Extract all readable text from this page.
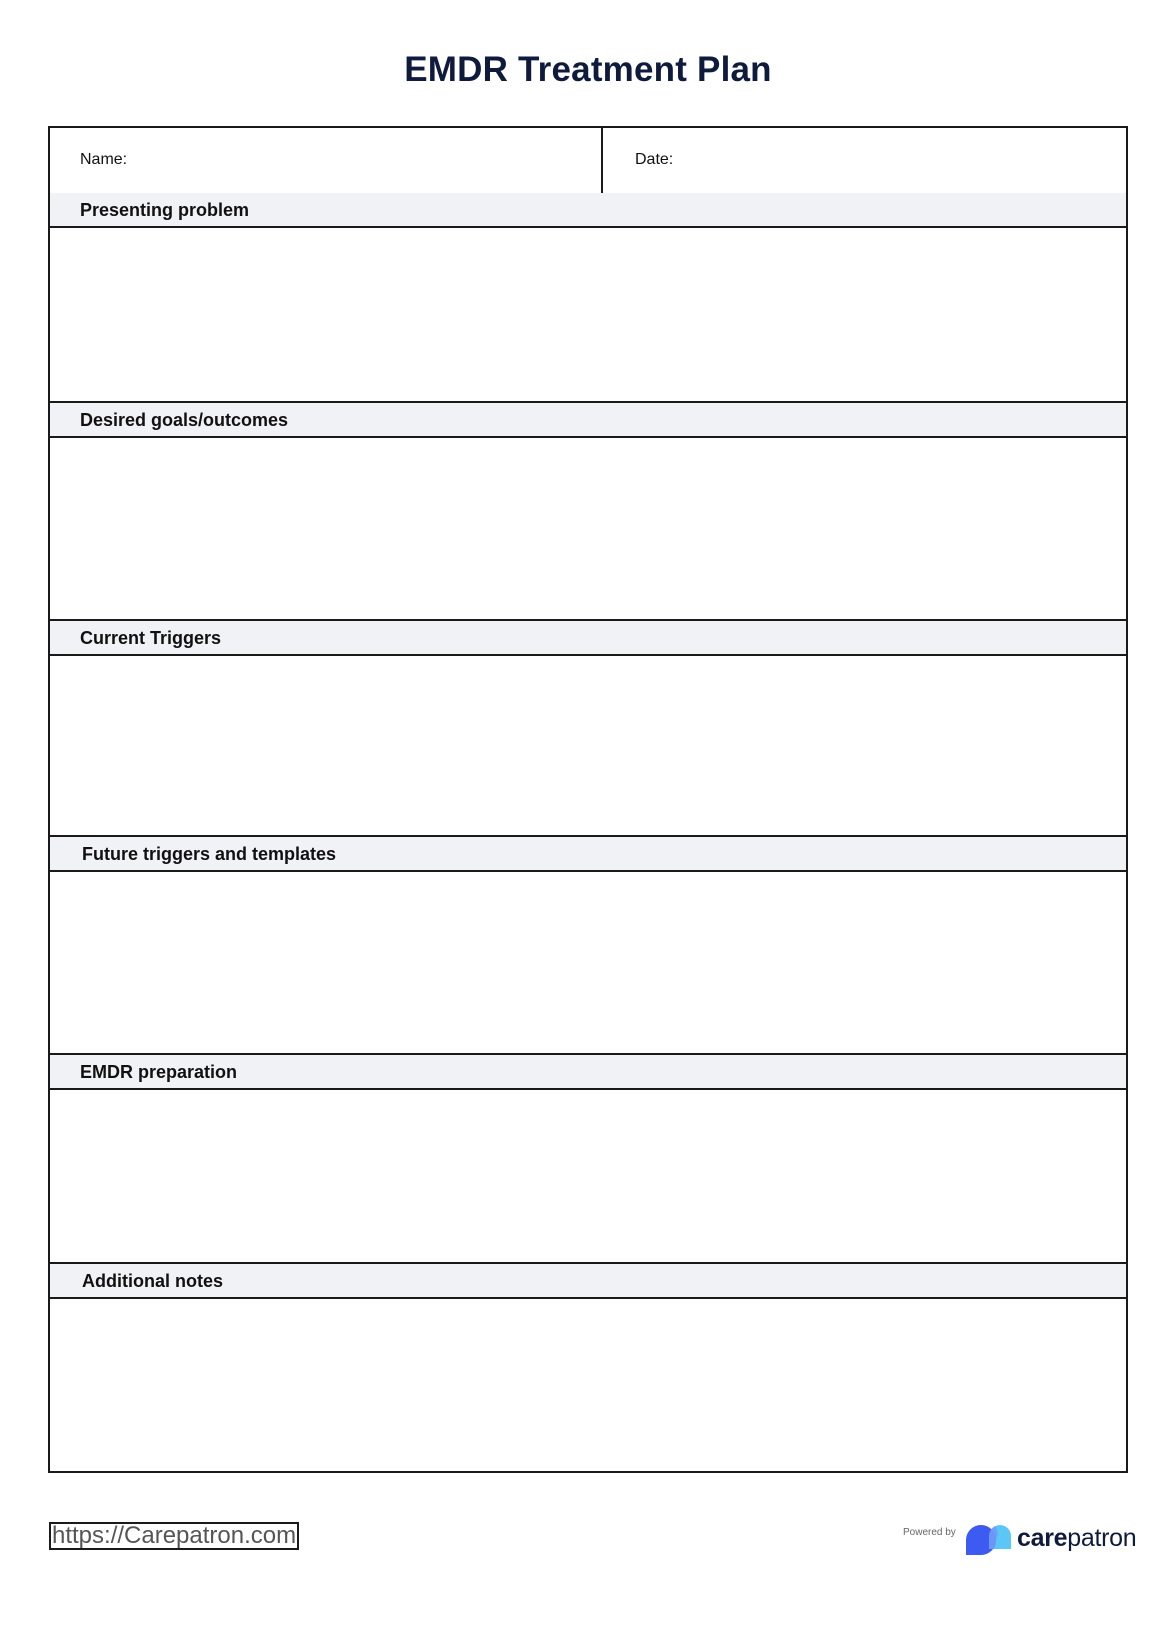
EMDR Treatment Plan
Name:	Date:
Presenting problem
Desired goals/outcomes
Current Triggers
Future triggers and templates
EMDR preparation
Additional notes
https://Carepatron.com	Powered by carepatron
